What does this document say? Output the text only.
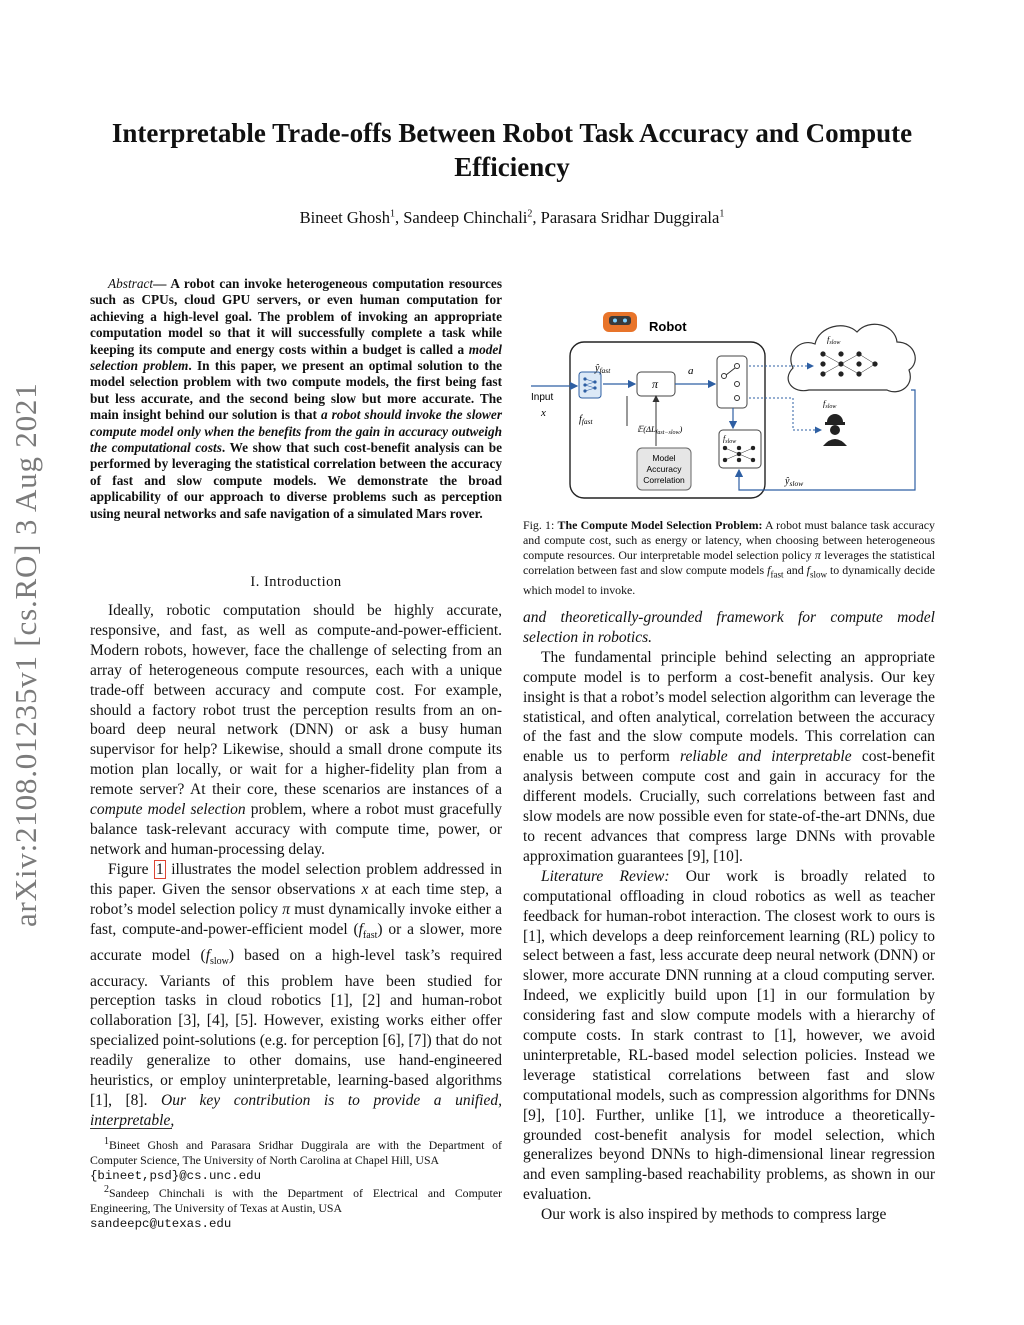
arXiv:2108.01235v1 [cs.RO] 3 Aug 2021
Interpretable Trade-offs Between Robot Task Accuracy and Compute
Efficiency
Bineet Ghosh$^1$, Sandeep Chinchali$^2$, Parasara Sridhar Duggirala$^1$

Abstract— A robot can invoke heterogeneous computation resources such as CPUs, cloud GPU servers, or even human computation for achieving a high-level goal. The problem of invoking an appropriate computation model so that it will successfully complete a task while keeping its compute and energy costs within a budget is called a model selection problem. In this paper, we present an optimal solution to the model selection problem with two compute models, the first being fast but less accurate, and the second being slow but more accurate. The main insight behind our solution is that a robot should invoke the slower compute model only when the benefits from the gain in accuracy outweigh the computational costs. We show that such cost-benefit analysis can be performed by leveraging the statistical correlation between the accuracy of fast and slow compute models. We demonstrate the broad applicability of our approach to diverse problems such as perception using neural networks and safe navigation of a simulated Mars rover.

I. Introduction

Ideally, robotic computation should be highly accurate, responsive, and fast, as well as compute-and-power-efficient. Modern robots, however, face the challenge of selecting from an array of heterogeneous compute resources, each with a unique trade-off between accuracy and compute cost. For example, should a factory robot trust the perception results from an on-board deep neural network (DNN) or ask a busy human supervisor for help? Likewise, should a small drone compute its motion plan locally, or wait for a higher-fidelity plan from a remote server? At their core, these scenarios are instances of a compute model selection problem, where a robot must gracefully balance task-relevant accuracy with compute time, power, or network and human-processing delay.

Figure 1 illustrates the model selection problem addressed in this paper. Given the sensor observations x at each time step, a robot’s model selection policy π must dynamically invoke either a fast, compute-and-power-efficient model $(f_{fast})$ or a slower, more accurate model $(f_{slow})$ based on a high-level task’s required accuracy. Variants of this problem have been studied for perception tasks in cloud robotics [1], [2] and human-robot collaboration [3], [4], [5]. However, existing works either offer specialized point-solutions (e.g. for perception [6], [7]) that do not readily generalize to other domains, use hand-engineered heuristics, or employ uninterpretable, learning-based algorithms [1], [8]. Our key contribution is to provide a unified, interpretable,

$^1$Bineet Ghosh and Parasara Sridhar Duggirala are with the Department of Computer Science, The University of North Carolina at Chapel Hill, USA
{bineet,psd}@cs.unc.edu

$^2$Sandeep Chinchali is with the Department of Electrical and Computer Engineering, The University of Texas at Austin, USA
sandeepc@utexas.edu

Robot
Input
x
$f_{fast}$
$ŷ_{fast}$
π
a
$f_{slow}$
$𝔼(\Delta L_{fast-slow})$
Model
Accuracy
Correlation
$f_{slow}$
$f_{slow}$
$ŷ_{slow}$
Fig. 1: The Compute Model Selection Problem: A robot must balance task accuracy and compute cost, such as energy or latency, when choosing between heterogeneous compute resources. Our interpretable model selection policy π leverages the statistical correlation between fast and slow compute models $f_{fast}$ and $f_{slow}$ to dynamically decide which model to invoke.

and theoretically-grounded framework for compute model selection in robotics.

The fundamental principle behind selecting an appropriate compute model is to perform a cost-benefit analysis. Our key insight is that a robot’s model selection algorithm can leverage the statistical, and often analytical, correlation between the accuracy of the fast and the slow compute models. This correlation can enable us to perform reliable and interpretable cost-benefit analysis between compute cost and gain in accuracy for the different models. Crucially, such correlations between fast and slow models are now possible even for state-of-the-art DNNs, due to recent advances that compress large DNNs with provable approximation guarantees [9], [10].

Literature Review: Our work is broadly related to computational offloading in cloud robotics as well as teacher feedback for human-robot interaction. The closest work to ours is [1], which develops a deep reinforcement learning (RL) policy to select between a fast, less accurate deep neural network (DNN) or slower, more accurate DNN running at a cloud computing server. Indeed, we explicitly build upon [1] in our formulation by considering fast and slow compute models with a hierarchy of compute costs. In stark contrast to [1], however, we avoid uninterpretable, RL-based model selection policies. Instead we leverage statistical correlations between fast and slow computational models, such as compression algorithms for DNNs [9], [10]. Further, unlike [1], we introduce a theoretically-grounded cost-benefit analysis for model selection, which generalizes beyond DNNs to high-dimensional linear regression and even sampling-based reachability problems, as shown in our evaluation.

Our work is also inspired by methods to compress large
